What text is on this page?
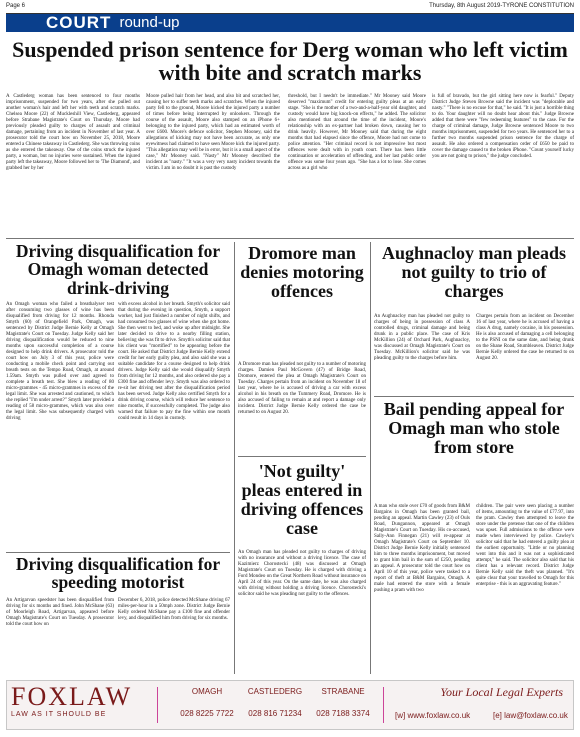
Page 6	Thursday, 8th August 2019-TYRONE CONSTITUTION
COURT round-up
Suspended prison sentence for Derg woman who left victim with bite and scratch marks
A Castlederg woman has been sentenced to four months imprisonment, suspended for two years, after she pulled out another woman's hair and left her with teeth and scratch marks. Chelsea Moore (22) of Muckleshill View, Castlederg, appeared before Strabane Magistrate's Court on Thursday. Moore had previously pleaded guilty to charges of assault and criminal damage, pertaining from an incident in November of last year. A prosecutor told the court how on November 25, 2018, Moore entered a Chinese takeaway in Castlederg. She was throwing coins as she entered the takeaway. One of the coins struck the injured party, a woman, but no injuries were sustained. When the injured party left the takeaway, Moore followed her to 'The Diamond', and grabbed her by her
Moore pulled hair from her head, and also bit and scratched her, causing her to suffer teeth marks and scratches. When the injured party fell to the ground, Moore kicked the injured party a number of times before being interrupted by onlookers. Through the course of the assault, Moore also stamped on an iPhone 6+ belonging to the injured party, which had an estimated worth of over £600. Moore's defence solicitor, Stephen Mooney, said the allegations of kicking may not have been accurate, as only one eyewitness had claimed to have seen Moore kick the injured party. "This allegation may well be in error, but it is a small aspect of the case," Mr Mooney said. "Nasty" Mr Mooney described the incident as "nasty." "It was a very very nasty incident towards the victim. I am in no doubt it is past the custody
threshold, but I needn't be immediate." Mr Mooney said Moore deserved "maximum" credit for entering guilty pleas at an early stage. "She is the mother of a two-and-a-half-year old daughter, and custody would have big knock-on effects," he added. The solicitor also mentioned that around the time of the incident, Moore's relationship with an ex-partner had broken down, causing her to drink heavily. However, Mr Mooney said that during the eight months that had elapsed since the offence, Moore had not come to police attention. "Her criminal record is not impressive but most offences were dealt with in youth court. There has been little continuation or acceleration of offending, and her last public order offence was some four years ago. "She has a lot to lose. She comes across as a girl who
is full of bravado, but the girl sitting here now is fearful." Deputy District Judge Steven Browne said the incident was "deplorable and nasty." "There is no excuse for that," he said. "It is just a horrible thing to do. Your daughter will no doubt hear about this." Judge Browne added that there were "few redeeming features" to the case. For the charge of criminal damage, Judge Browne sentenced Moore to two months imprisonment, suspended for two years. He sentenced her to a further two months suspended prison sentence for the charge of assault. He also ordered a compensation order of £650 be paid to cover the damage caused to the broken iPhone. "Count yourself lucky you are not going to prison," the judge concluded.
Driving disqualification for Omagh woman detected drink-driving
An Omagh woman who failed a breathalyser test after consuming two glasses of wine has been disqualified from driving for 12 months. Rhonda Smyth (60) of Orangefield Park, Omagh, was sentenced by District Judge Bernie Kelly at Omagh Magistrate's Court on Tuesday. Judge Kelly said her driving disqualification would be reduced to nine months upon successful completion of a course designed to help drink drivers. A prosecutor told the court how on July 3 of this year, police were conducting a mobile check point and carrying out breath tests on the Tempo Road, Omagh, at around 1.59am. Smyth was pulled over and agreed to complete a breath test. She blew a reading of 80 micro-grammes - 45 micro-grammes in excess of the legal limit. She was arrested and cautioned, to which she replied "I'm under arrest?" Smyth later provided a reading of 58 micro-grammes, which was also over the legal limit. She was subsequently charged with driving
with excess alcohol in her breath. Smyth's solicitor said that during the evening in question, Smyth, a support worker, had just finished a number of night shifts, and had consumed two glasses of wine when she got home. She then went to bed, and woke up after midnight. She later decided to drive to a nearby filling station, believing she was fit to drive. Smyth's solicitor said that his client was "mortified" to be appearing before the court. He asked that District Judge Bernie Kelly extend credit for her early guilty plea, and also said she was a suitable candidate for a course designed to help drink drivers. Judge Kelly said she would disqualify Smyth from driving for 12 months, and also ordered she pay a £300 fine and offender levy. Smyth was also ordered to re-sit her driving test after the disqualification period has been served. Judge Kelly also certified Smyth for a drink driving course, which will reduce her sentence to nine months, if successfully completed. The judge also warned that failure to pay the fine within one month could result in 14 days in custody.
Driving disqualification for speeding motorist
An Artigarvan speedster has been disqualified from driving for six months and fined. John McShane (63) of Moorleigh Road, Artigarvan, appeared before Omagh Magistrate's Court on Tuesday. A prosecutor told the court how on
December 6, 2018, police detected McShane driving 67 miles-per-hour in a 50mph zone. District Judge Bernie Kelly ordered McShane pay a £100 fine and offender levy, and disqualified him from driving for six months.
Dromore man denies motoring offences
A Dromore man has pleaded not guilty to a number of motoring charges. Damien Paul McGovern (47) of Bridge Road, Dromore, entered the plea at Omagh Magistrate's Court on Tuesday. Charges pertain from an incident on November 18 of last year, where he is accused of driving a car with excess alcohol in his breath on the Tummery Road, Dromore. He is also accused of failing to remain at and report a damage only incident. District Judge Bernie Kelly ordered the case be returned to on August 20.
'Not guilty' pleas entered in driving offences case
An Omagh man has pleaded not guilty to charges of driving with no insurance and without a driving licence. The case of Kazimierz Chorostecki (48) was discussed at Omagh Magistrate's Court on Tuesday. He is charged with driving a Ford Mondeo on the Great Northern Road without insurance on April 24 of this year. On the same date, he was also charged with driving without holding a driving licence. Chorostecki's solicitor said he was pleading not guilty to the offences.
Aughnacloy man pleads not guilty to trio of charges
An Aughnacloy man has pleaded not guilty to charges of being in possession of class A controlled drugs, criminal damage and being drunk in a public place. The case of Kris McKillion (24) of Orchard Park, Aughnacloy, was discussed at Omagh Magistrate's Court on Tuesday. McKillion's solicitor said he was pleading guilty to the charges before him.
Charges pertain from an incident on December 16 of last year, where he is accused of having a class A drug, namely cocaine, in his possession. He is also accused of damaging a cell belonging to the PSNI on the same date, and being drunk on the Shane Road, Stumbleaven. District Judge Bernie Kelly ordered the case be returned to on August 20.
Bail pending appeal for Omagh man who stole from store
A man who stole over £70 of goods from B&M Bargains in Omagh has been granted bail, pending an appeal. Martin Cawley (23) of Ouls Road, Dungannon, appeared at Omagh Magistrate's Court on Tuesday. His co-accused, Sally-Ann Finnegan (21) will re-appear at Omagh Magistrate's Court on September 10. District Judge Bernie Kelly initially sentenced him to three months imprisonment, but moved to grant him bail in the sum of £250, pending an appeal. A prosecutor told the court how on April 10 of this year, police were tasked to a report of theft at B&M Bargains, Omagh. A male had entered the store with a female pushing a pram with two
children. The pair were seen placing a number of items, amounting to the value of £77.97, into the pram. Cawley then attempted to leave the store under the pretense that one of the children was upset. Full admissions to the offence were made when interviewed by police. Cawley's solicitor said that he had entered a guilty plea at the earliest opportunity. "Little or no planning went into this and it was not a sophisticated attempt," he said. The solicitor also said that his client has a relevant record. District Judge Bernie Kelly said the theft was planned. "It's quite clear that your travelled to Omagh for this enterprise - this is an aggravating feature."
FOXLAW
LAW AS IT SHOULD BE
OMAGH
028 8225 7722
CASTLEDERG
028 816 71234
STRABANE
028 7188 3374
Your Local Legal Experts
[w] www.foxlaw.co.uk	[e] law@foxlaw.co.uk
